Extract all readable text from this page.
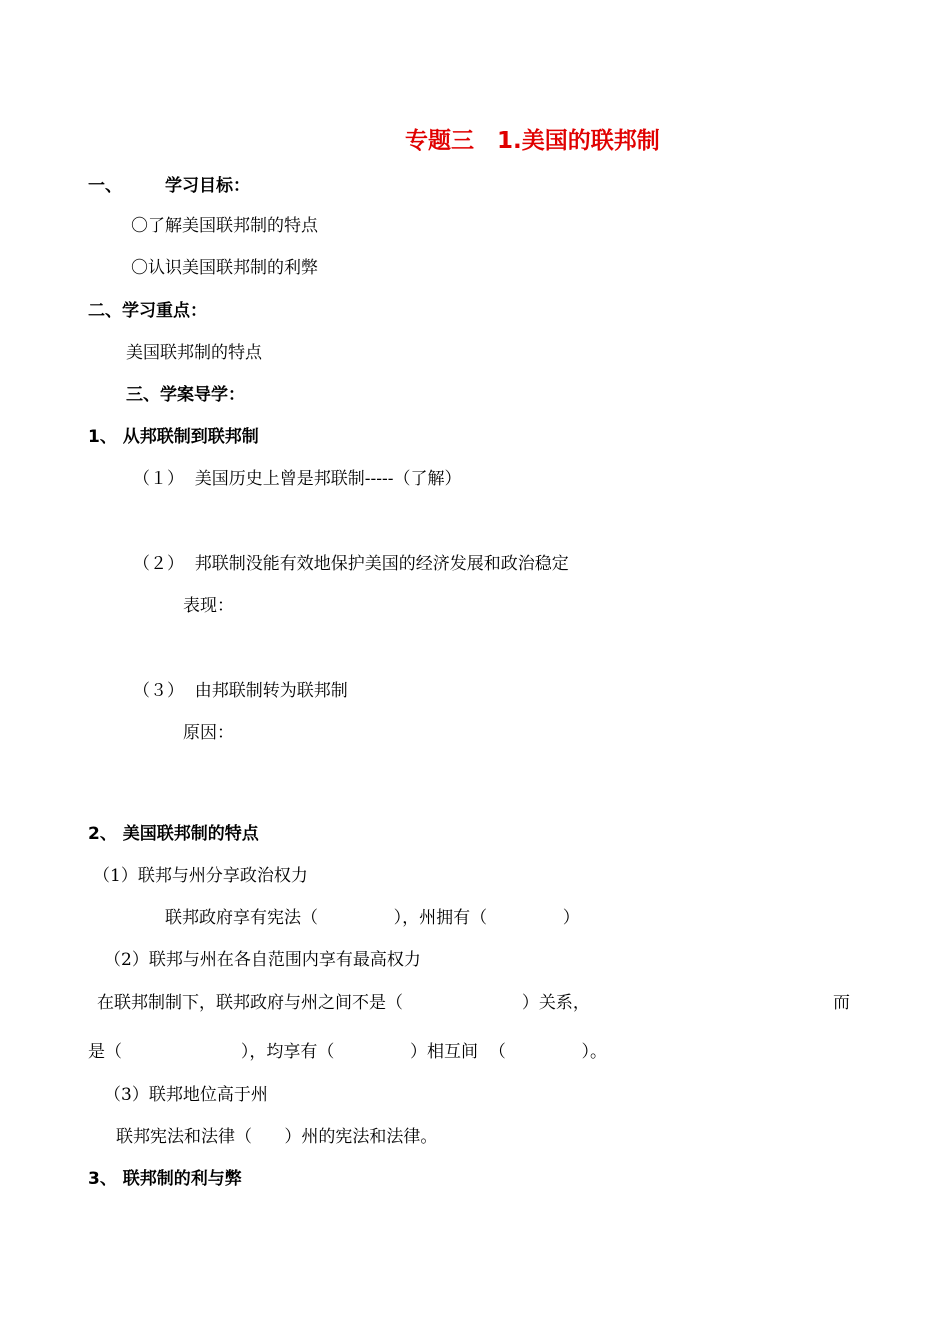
专题三　1.美国的联邦制
一、	学习目标：
〇了解美国联邦制的特点
〇认识美国联邦制的利弊
二、学习重点：
美国联邦制的特点
三、学案导学：
1、 从邦联制到联邦制
（１）  美国历史上曾是邦联制-----（了解）
（２）  邦联制没能有效地保护美国的经济发展和政治稳定
表现：
（３）  由邦联制转为联邦制
原因：
2、 美国联邦制的特点
（1）联邦与州分享政治权力
联邦政府享有宪法（              ），州拥有（              ）
（2）联邦与州在各自范围内享有最高权力
在联邦制制下，联邦政府与州之间不是（                      ）关系，	而
是（                      ），均享有（              ）相互间  （              ）。
（3）联邦地位高于州
联邦宪法和法律（      ）州的宪法和法律。
3、 联邦制的利与弊
